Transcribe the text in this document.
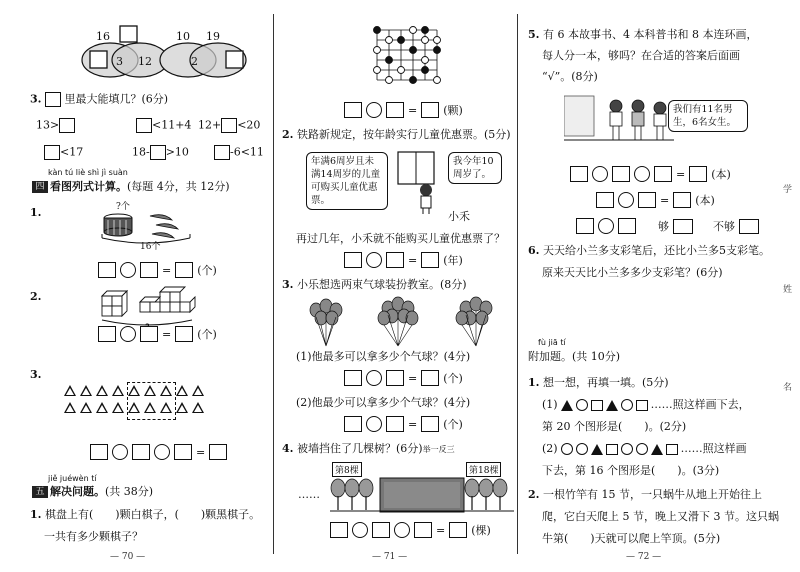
16
3 12
10 19
2
3. 里最大能填几？(6分)
13>	<11+4 12+ <20
<17	18- >10	-6<11
kàn tú liè shì jì suàn
四 看图列式计算。(每题 4分，共 12分)
1.	?个
16个
= (个)
2.
= (个)
3.
=
jiě juéwèn tí
五 解决问题。(共 38分)
1. 棋盘上有(　　)颗白棋子，(　　)颗黑棋子。
一共有多少颗棋子？
— 70 —
= (颗)
2. 铁路新规定，按年龄实行儿童优惠票。(5分)
年满6周岁且未满14周岁的儿童可购买儿童优惠票。
我今年10周岁了。
小禾
再过几年，小禾就不能购买儿童优惠票了？
= (年)
3. 小乐想选两束气球装扮教室。(8分)
(1)他最多可以拿多少个气球？(4分)
= (个)
(2)他最少可以拿多少个气球？(4分)
= (个)
4. 被墙挡住了几棵树？(6分)举一反三
第8棵	第18棵
……
= (棵)
— 71 —
5. 有 6 本故事书、4 本科普书和 8 本连环画，
每人分一本，够吗？在合适的答案后面画
“√”。(8分)
我们有11名男生，6名女生。
= (本)
= (本)
够	不够
6. 天天给小兰多支彩笔后，还比小兰多5支彩笔。
原来天天比小兰多多少支彩笔？(6分)
fù jiā tí
附加题。(共 10分)
1. 想一想，再填一填。(5分)
(1)	……照这样画下去，
第 20 个图形是(　　)。(2分)
(2)	……照这样画
下去，第 16 个图形是(　　)。(3分)
2. 一根竹竿有 15 节，一只蜗牛从地上开始往上
爬，它白天爬上 5 节，晚上又滑下 3 节。这只蜗
牛第(　　)天就可以爬上竿顶。(5分)
— 72 —
学
姓
名
